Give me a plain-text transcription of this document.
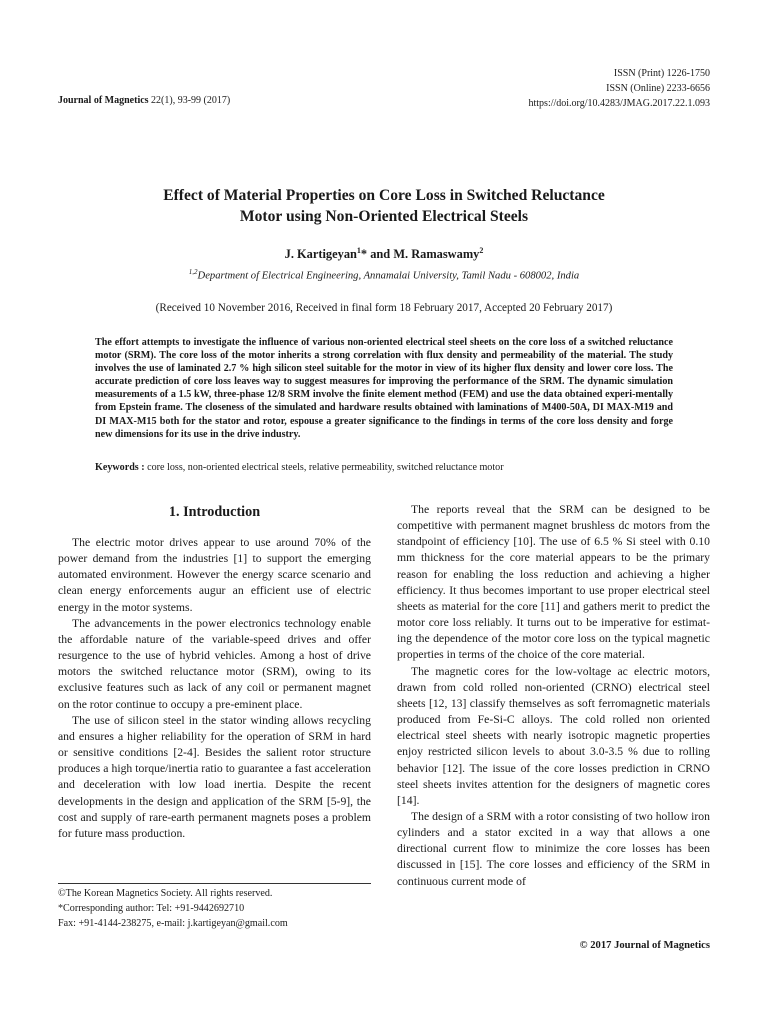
ISSN (Print) 1226-1750
ISSN (Online) 2233-6656
https://doi.org/10.4283/JMAG.2017.22.1.093
Journal of Magnetics 22(1), 93-99 (2017)
Effect of Material Properties on Core Loss in Switched Reluctance
Motor using Non-Oriented Electrical Steels
J. Kartigeyan$^1$* and M. Ramaswamy$^2$
$^{1,2}$Department of Electrical Engineering, Annamalai University, Tamil Nadu - 608002, India
(Received 10 November 2016, Received in final form 18 February 2017, Accepted 20 February 2017)

The effort attempts to investigate the influence of various non-oriented electrical steel sheets on the core loss of a switched reluctance motor (SRM). The core loss of the motor inherits a strong correlation with flux density and permeability of the material. The study involves the use of laminated 2.7 % high silicon steel suitable for the motor in view of its higher flux density and lower core loss. The accurate prediction of core loss leaves way to suggest measures for improving the performance of the SRM. The dynamic simulation measurements of a 1.5 kW, three-phase 12/8 SRM involve the finite element method (FEM) and use the data obtained experi-mentally from Epstein frame. The closeness of the simulated and hardware results obtained with laminations of M400-50A, DI MAX-M19 and DI MAX-M15 both for the stator and rotor, espouse a greater significance to the findings in terms of the core loss density and forge new dimensions for its use in the drive industry.

Keywords : core loss, non-oriented electrical steels, relative permeability, switched reluctance motor

1. Introduction

The electric motor drives appear to use around 70% of the power demand from the industries [1] to support the emerging automated environment. However the energy scarce scenario and clean energy enforcements augur an efficient use of electric energy in the motor systems.

The advancements in the power electronics technology enable the affordable nature of the variable-speed drives and offer resurgence to the use of hybrid vehicles. Among a host of drive motors the switched reluctance motor (SRM), owing to its exclusive features such as lack of any coil or permanent magnet on the rotor continue to occupy a pre-eminent place.

The use of silicon steel in the stator winding allows recycling and ensures a higher reliability for the operation of SRM in hard or sensitive conditions [2-4]. Besides the salient rotor structure produces a high torque/inertia ratio to guarantee a fast acceleration and deceleration with low load inertia. Despite the recent developments in the design and application of the SRM [5-9], the cost and supply of rare-earth permanent magnets poses a problem for future mass production.

The reports reveal that the SRM can be designed to be competitive with permanent magnet brushless dc motors from the standpoint of efficiency [10]. The use of 6.5 % Si steel with 0.10 mm thickness for the core material appears to be the primary reason for enabling the loss reduction and achieving a higher efficiency. It thus becomes important to use proper electrical steel sheets as material for the core [11] and gathers merit to predict the motor core loss reliably. It turns out to be imperative for estimat-ing the dependence of the motor core loss on the typical magnetic properties in terms of the choice of the core material.

The magnetic cores for the low-voltage ac electric motors, drawn from cold rolled non-oriented (CRNO) electrical steel sheets [12, 13] classify themselves as soft ferromagnetic materials produced from Fe-Si-C alloys. The cold rolled non oriented electrical steel sheets with nearly isotropic magnetic properties enjoy restricted silicon levels to about 3.0-3.5 % due to rolling behavior [12]. The issue of the core losses prediction in CRNO steel sheets invites attention for the designers of magnetic cores [14].

The design of a SRM with a rotor consisting of two hollow iron cylinders and a stator excited in a way that allows a one directional current flow to minimize the core losses has been discussed in [15]. The core losses and efficiency of the SRM in continuous current mode of

©The Korean Magnetics Society. All rights reserved.
*Corresponding author: Tel: +91-9442692710
Fax: +91-4144-238275, e-mail: j.kartigeyan@gmail.com
© 2017 Journal of Magnetics
